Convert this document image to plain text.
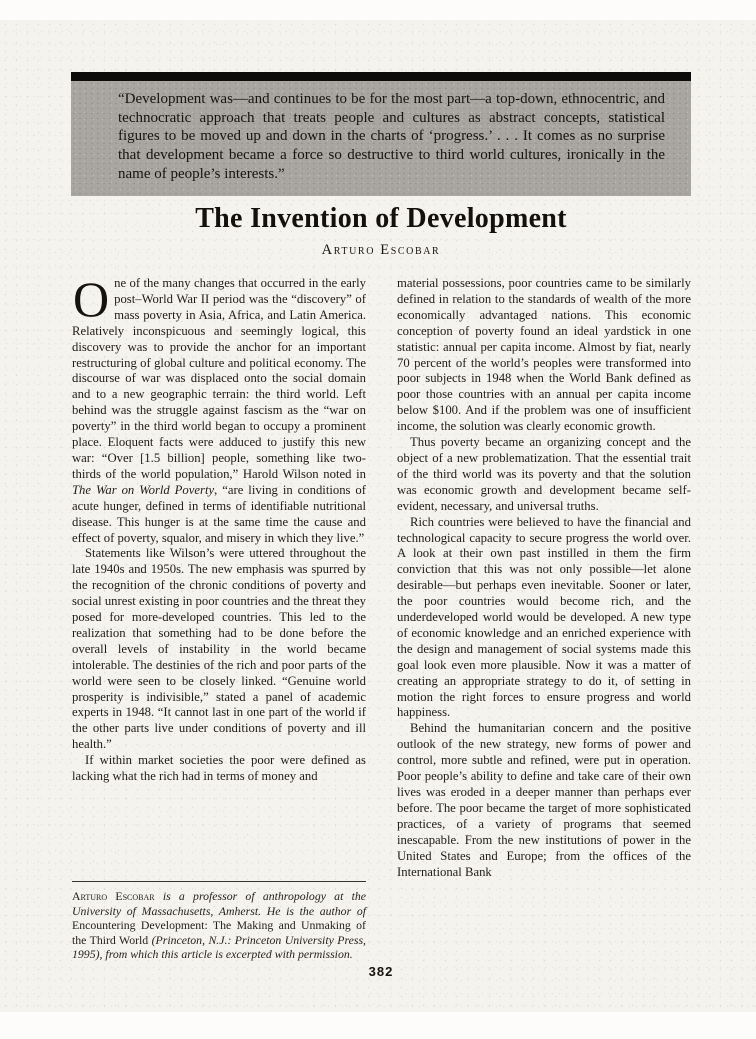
“Development was—and continues to be for the most part—a top-down, ethnocentric, and technocratic approach that treats people and cultures as abstract concepts, statistical figures to be moved up and down in the charts of ‘progress.’ . . . It comes as no surprise that development became a force so destructive to third world cultures, ironically in the name of people’s interests.”
The Invention of Development
Arturo Escobar

One of the many changes that occurred in the early post–World War II period was the “discovery” of mass poverty in Asia, Africa, and Latin America. Relatively inconspicuous and seemingly logical, this discovery was to provide the anchor for an important restructuring of global culture and political economy. The discourse of war was displaced onto the social domain and to a new geographic terrain: the third world. Left behind was the struggle against fascism as the “war on poverty” in the third world began to occupy a prominent place. Eloquent facts were adduced to justify this new war: “Over [1.5 billion] people, something like two-thirds of the world population,” Harold Wilson noted in The War on World Poverty, “are living in conditions of acute hunger, defined in terms of identifiable nutritional disease. This hunger is at the same time the cause and effect of poverty, squalor, and misery in which they live.”

Statements like Wilson’s were uttered throughout the late 1940s and 1950s. The new emphasis was spurred by the recognition of the chronic conditions of poverty and social unrest existing in poor countries and the threat they posed for more-developed countries. This led to the realization that something had to be done before the overall levels of instability in the world became intolerable. The destinies of the rich and poor parts of the world were seen to be closely linked. “Genuine world prosperity is indivisible,” stated a panel of academic experts in 1948. “It cannot last in one part of the world if the other parts live under conditions of poverty and ill health.”

If within market societies the poor were defined as lacking what the rich had in terms of money and

Arturo Escobar is a professor of anthropology at the University of Massachusetts, Amherst. He is the author of Encountering Development: The Making and Unmaking of the Third World (Princeton, N.J.: Princeton University Press, 1995), from which this article is excerpted with permission.

material possessions, poor countries came to be similarly defined in relation to the standards of wealth of the more economically advantaged nations. This economic conception of poverty found an ideal yardstick in one statistic: annual per capita income. Almost by fiat, nearly 70 percent of the world’s peoples were transformed into poor subjects in 1948 when the World Bank defined as poor those countries with an annual per capita income below $100. And if the problem was one of insufficient income, the solution was clearly economic growth.

Thus poverty became an organizing concept and the object of a new problematization. That the essential trait of the third world was its poverty and that the solution was economic growth and development became self-evident, necessary, and universal truths.

Rich countries were believed to have the financial and technological capacity to secure progress the world over. A look at their own past instilled in them the firm conviction that this was not only possible—let alone desirable—but perhaps even inevitable. Sooner or later, the poor countries would become rich, and the underdeveloped world would be developed. A new type of economic knowledge and an enriched experience with the design and management of social systems made this goal look even more plausible. Now it was a matter of creating an appropriate strategy to do it, of setting in motion the right forces to ensure progress and world happiness.

Behind the humanitarian concern and the positive outlook of the new strategy, new forms of power and control, more subtle and refined, were put in operation. Poor people’s ability to define and take care of their own lives was eroded in a deeper manner than perhaps ever before. The poor became the target of more sophisticated practices, of a variety of programs that seemed inescapable. From the new institutions of power in the United States and Europe; from the offices of the International Bank

382
